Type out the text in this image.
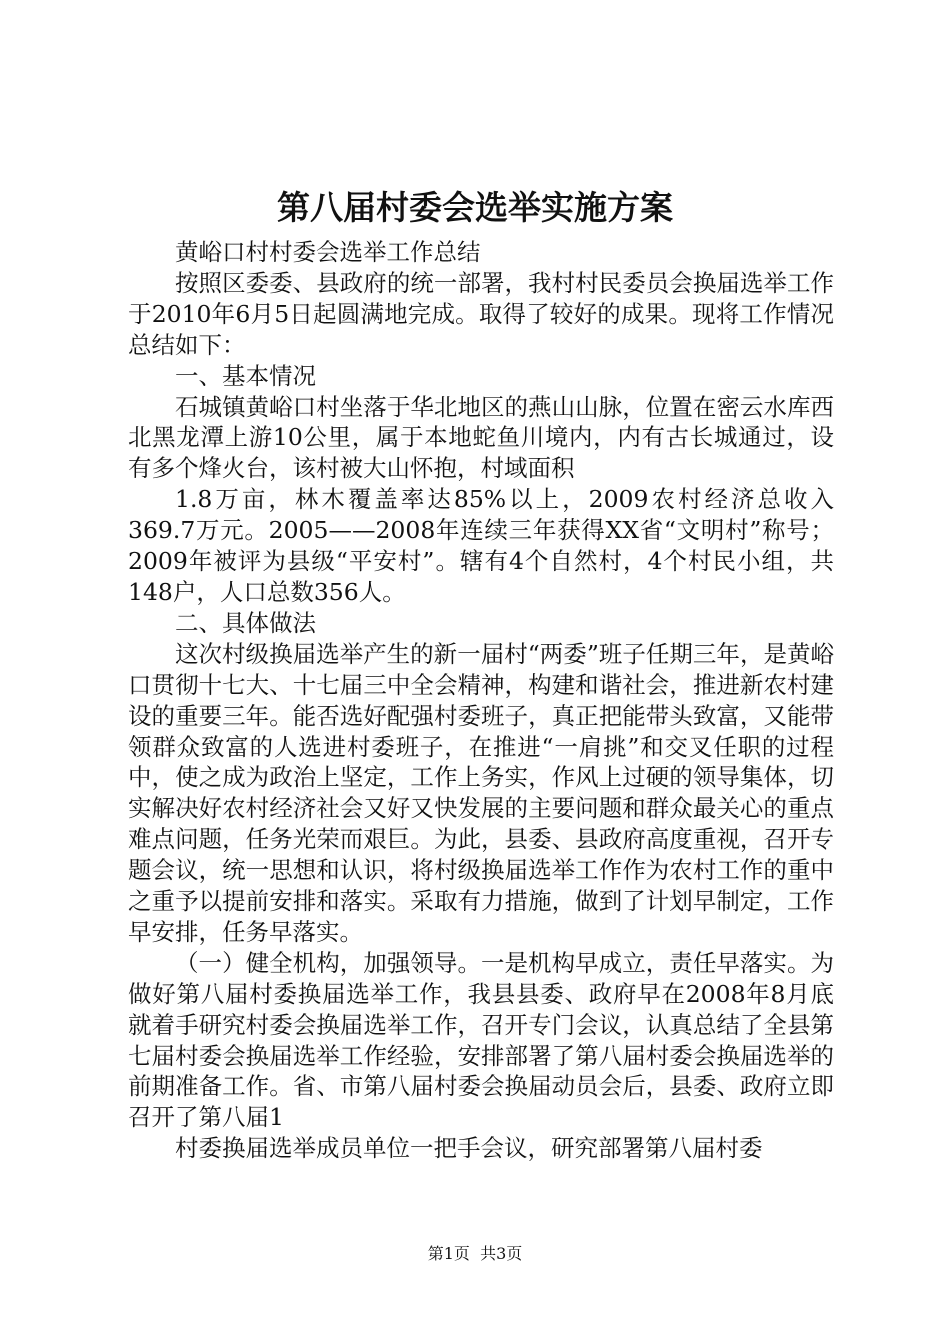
第八届村委会选举实施方案

黄峪口村村委会选举工作总结

按照区委委、县政府的统一部署，我村村民委员会换届选举工作于2010年6月5日起圆满地完成。取得了较好的成果。现将工作情况总结如下：

一、基本情况

石城镇黄峪口村坐落于华北地区的燕山山脉，位置在密云水库西北黑龙潭上游10公里，属于本地蛇鱼川境内，内有古长城通过，设有多个烽火台，该村被大山怀抱，村域面积

1.8万亩，林木覆盖率达85%以上，2009农村经济总收入369.7万元。2005——2008年连续三年获得XX省“文明村”称号；2009年被评为县级“平安村”。辖有4个自然村，4个村民小组，共148户，人口总数356人。

二、具体做法

这次村级换届选举产生的新一届村“两委”班子任期三年，是黄峪口贯彻十七大、十七届三中全会精神，构建和谐社会，推进新农村建设的重要三年。能否选好配强村委班子，真正把能带头致富，又能带领群众致富的人选进村委班子，在推进“一肩挑”和交叉任职的过程中，使之成为政治上坚定，工作上务实，作风上过硬的领导集体，切实解决好农村经济社会又好又快发展的主要问题和群众最关心的重点难点问题，任务光荣而艰巨。为此，县委、县政府高度重视，召开专题会议，统一思想和认识，将村级换届选举工作作为农村工作的重中之重予以提前安排和落实。采取有力措施，做到了计划早制定，工作早安排，任务早落实。

（一）健全机构，加强领导。一是机构早成立，责任早落实。为做好第八届村委换届选举工作，我县县委、政府早在2008年8月底就着手研究村委会换届选举工作，召开专门会议，认真总结了全县第七届村委会换届选举工作经验，安排部署了第八届村委会换届选举的前期准备工作。省、市第八届村委会换届动员会后，县委、政府立即召开了第八届1

村委换届选举成员单位一把手会议，研究部署第八届村委

第1页  共3页
